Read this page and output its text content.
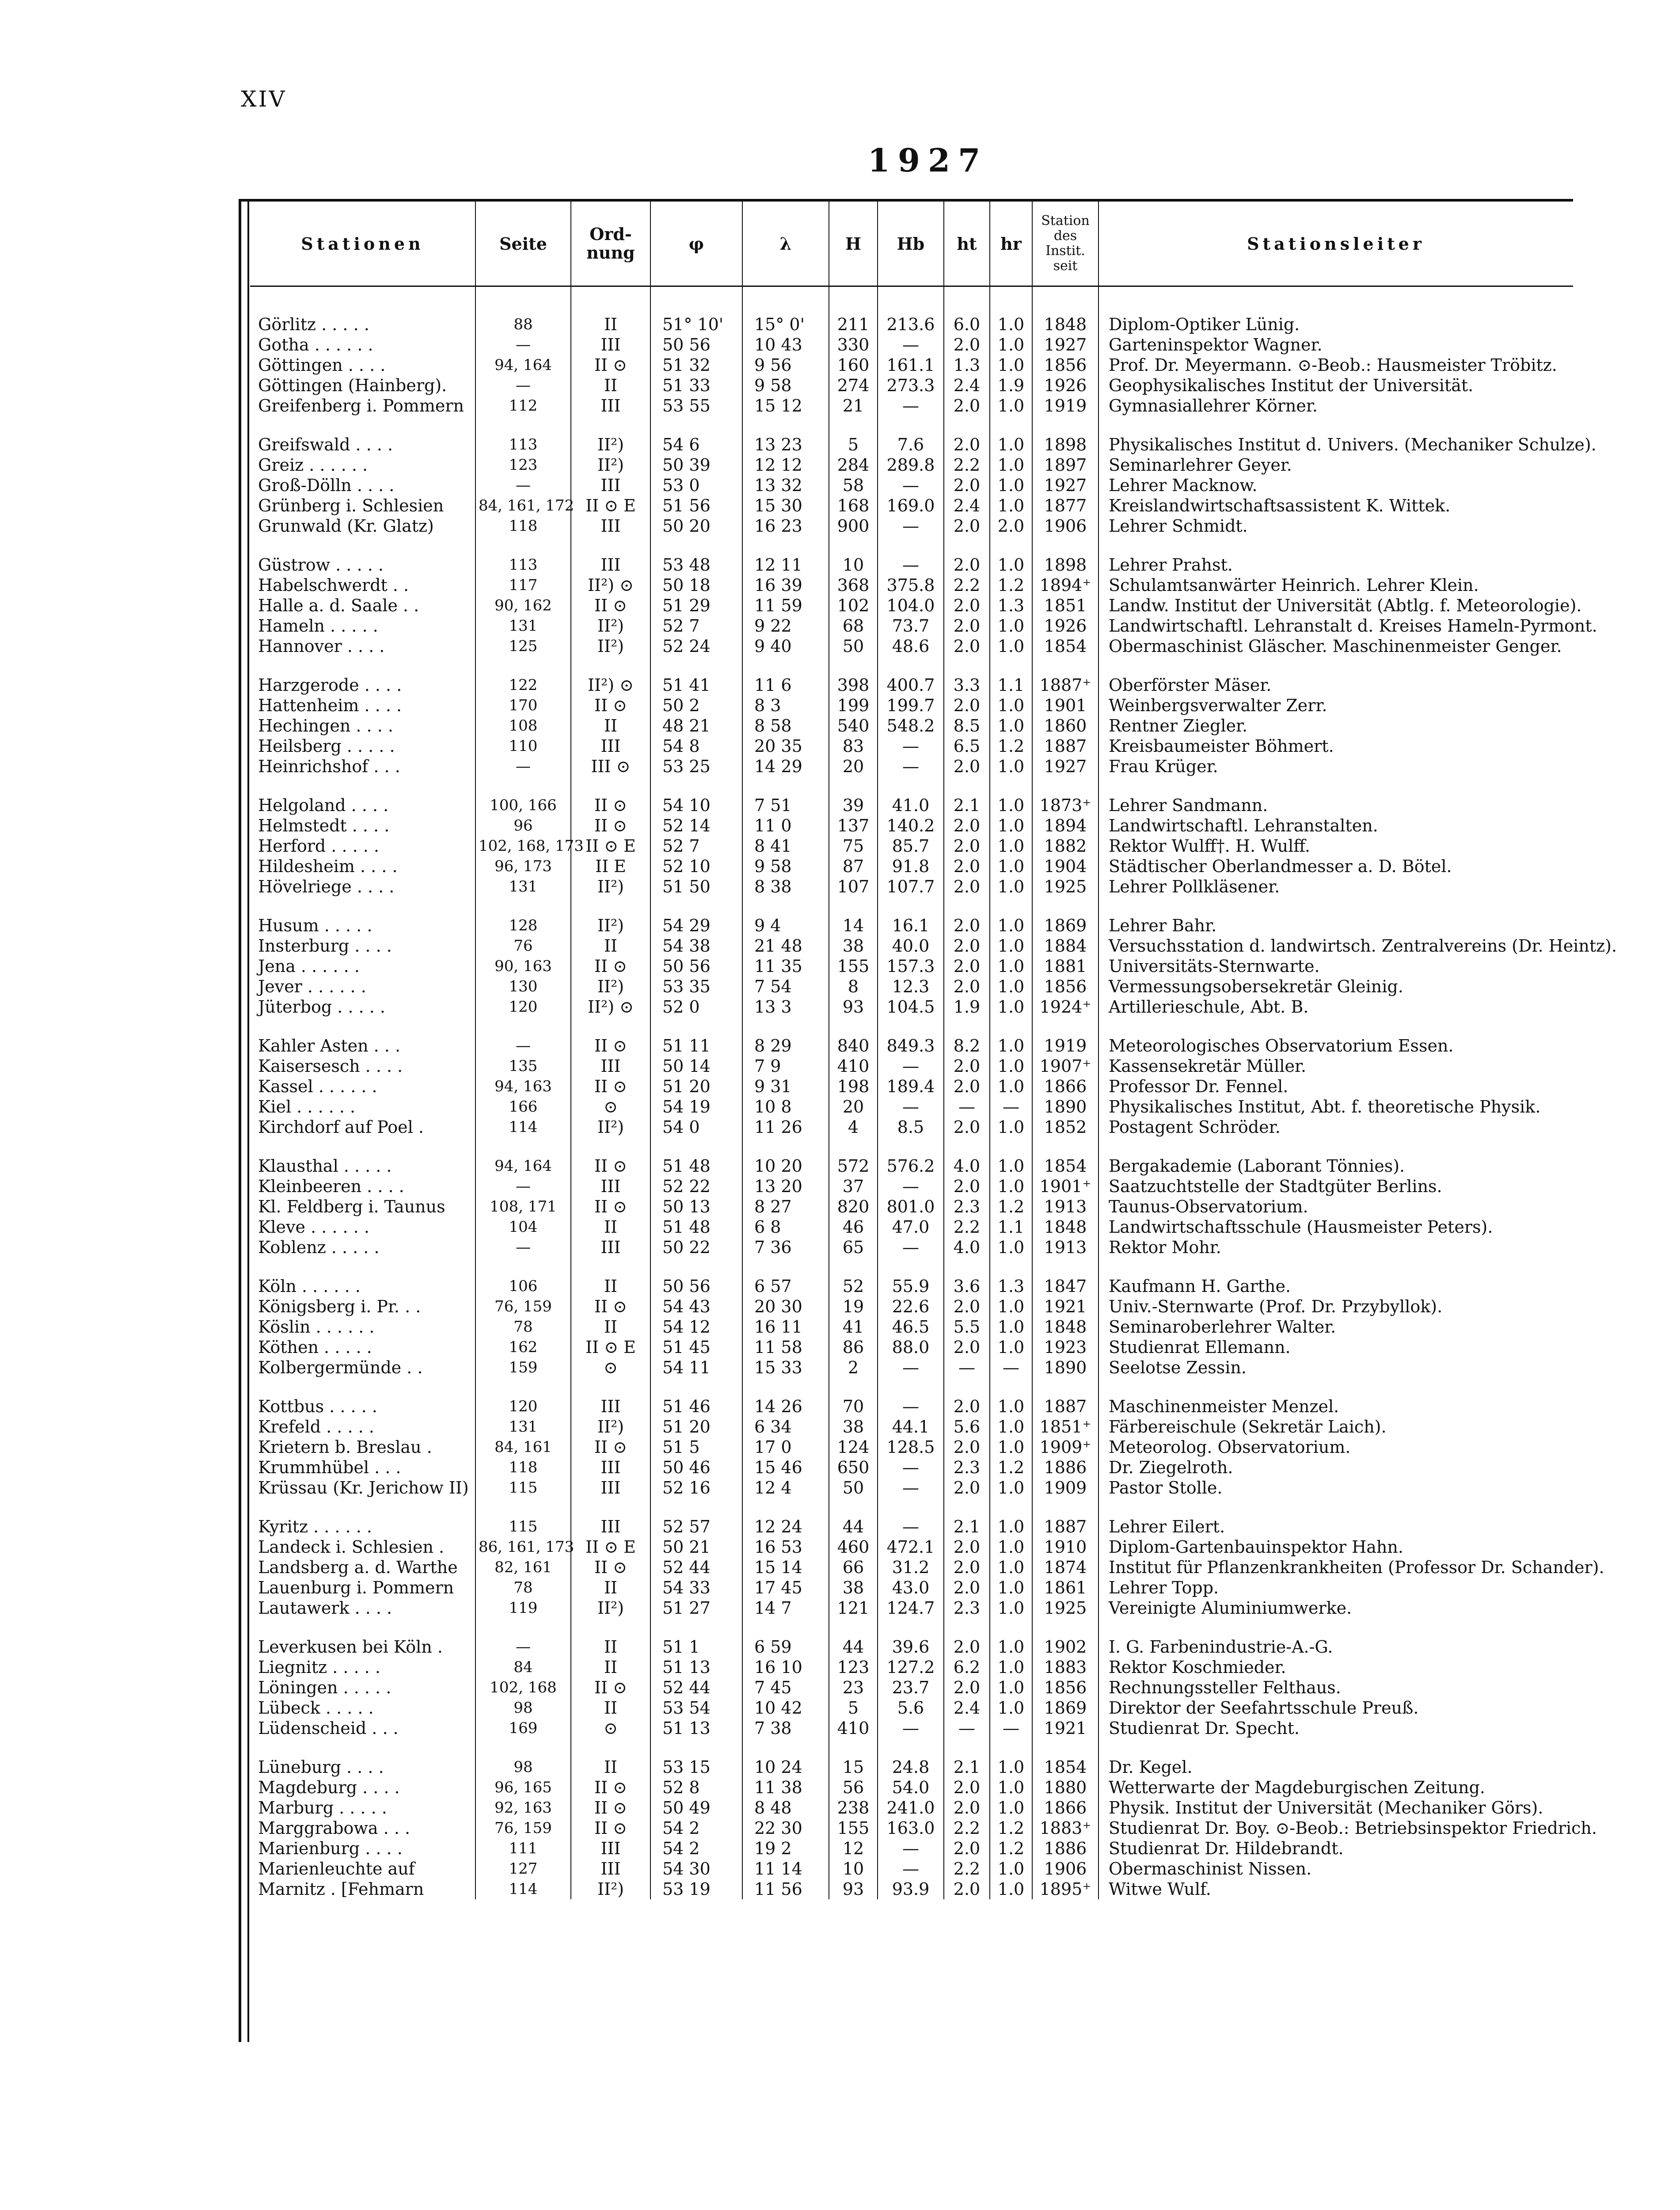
XIV
1927
Stationen	Seite	Ord-nung	φ	λ	H	Hb	ht	hr	Station des Instit. seit	Stationsleiter

Görlitz . . . . .	88	II	51° 10'	15° 0'	211	213.6	6.0	1.0	1848	Diplom-Optiker Lünig.
Gotha . . . . . .	—	III	50 56	10 43	330	—	2.0	1.0	1927	Garteninspektor Wagner.
Göttingen . . . .	94, 164	II ⊙	51 32	9 56	160	161.1	1.3	1.0	1856	Prof. Dr. Meyermann. ⊙-Beob.: Hausmeister Tröbitz.
Göttingen (Hainberg).	—	II	51 33	9 58	274	273.3	2.4	1.9	1926	Geophysikalisches Institut der Universität.
Greifenberg i. Pommern	112	III	53 55	15 12	21	—	2.0	1.0	1919	Gymnasiallehrer Körner.

Greifswald . . . .	113	II²)	54 6	13 23	5	7.6	2.0	1.0	1898	Physikalisches Institut d. Univers. (Mechaniker Schulze).
Greiz . . . . . .	123	II²)	50 39	12 12	284	289.8	2.2	1.0	1897	Seminarlehrer Geyer.
Groß-Dölln . . . .	—	III	53 0	13 32	58	—	2.0	1.0	1927	Lehrer Macknow.
Grünberg i. Schlesien	84, 161, 172	II ⊙ E	51 56	15 30	168	169.0	2.4	1.0	1877	Kreislandwirtschaftsassistent K. Wittek.
Grunwald (Kr. Glatz)	118	III	50 20	16 23	900	—	2.0	2.0	1906	Lehrer Schmidt.

Güstrow . . . . .	113	III	53 48	12 11	10	—	2.0	1.0	1898	Lehrer Prahst.
Habelschwerdt . .	117	II²) ⊙	50 18	16 39	368	375.8	2.2	1.2	1894⁺	Schulamtsanwärter Heinrich. Lehrer Klein.
Halle a. d. Saale . .	90, 162	II ⊙	51 29	11 59	102	104.0	2.0	1.3	1851	Landw. Institut der Universität (Abtlg. f. Meteorologie).
Hameln . . . . .	131	II²)	52 7	9 22	68	73.7	2.0	1.0	1926	Landwirtschaftl. Lehranstalt d. Kreises Hameln-Pyrmont.
Hannover . . . .	125	II²)	52 24	9 40	50	48.6	2.0	1.0	1854	Obermaschinist Gläscher. Maschinenmeister Genger.

Harzgerode . . . .	122	II²) ⊙	51 41	11 6	398	400.7	3.3	1.1	1887⁺	Oberförster Mäser.
Hattenheim . . . .	170	II ⊙	50 2	8 3	199	199.7	2.0	1.0	1901	Weinbergsverwalter Zerr.
Hechingen . . . .	108	II	48 21	8 58	540	548.2	8.5	1.0	1860	Rentner Ziegler.
Heilsberg . . . . .	110	III	54 8	20 35	83	—	6.5	1.2	1887	Kreisbaumeister Böhmert.
Heinrichshof . . .	—	III ⊙	53 25	14 29	20	—	2.0	1.0	1927	Frau Krüger.

Helgoland . . . .	100, 166	II ⊙	54 10	7 51	39	41.0	2.1	1.0	1873⁺	Lehrer Sandmann.
Helmstedt . . . .	96	II ⊙	52 14	11 0	137	140.2	2.0	1.0	1894	Landwirtschaftl. Lehranstalten.
Herford . . . . .	102, 168, 173	II ⊙ E	52 7	8 41	75	85.7	2.0	1.0	1882	Rektor Wulff†. H. Wulff.
Hildesheim . . . .	96, 173	II E	52 10	9 58	87	91.8	2.0	1.0	1904	Städtischer Oberlandmesser a. D. Bötel.
Hövelriege . . . .	131	II²)	51 50	8 38	107	107.7	2.0	1.0	1925	Lehrer Pollkläsener.

Husum . . . . .	128	II²)	54 29	9 4	14	16.1	2.0	1.0	1869	Lehrer Bahr.
Insterburg . . . .	76	II	54 38	21 48	38	40.0	2.0	1.0	1884	Versuchsstation d. landwirtsch. Zentralvereins (Dr. Heintz).
Jena . . . . . .	90, 163	II ⊙	50 56	11 35	155	157.3	2.0	1.0	1881	Universitäts-Sternwarte.
Jever . . . . . .	130	II²)	53 35	7 54	8	12.3	2.0	1.0	1856	Vermessungsobersekretär Gleinig.
Jüterbog . . . . .	120	II²) ⊙	52 0	13 3	93	104.5	1.9	1.0	1924⁺	Artillerieschule, Abt. B.

Kahler Asten . . .	—	II ⊙	51 11	8 29	840	849.3	8.2	1.0	1919	Meteorologisches Observatorium Essen.
Kaisersesch . . . .	135	III	50 14	7 9	410	—	2.0	1.0	1907⁺	Kassensekretär Müller.
Kassel . . . . . .	94, 163	II ⊙	51 20	9 31	198	189.4	2.0	1.0	1866	Professor Dr. Fennel.
Kiel . . . . . .	166	⊙	54 19	10 8	20	—	—	—	1890	Physikalisches Institut, Abt. f. theoretische Physik.
Kirchdorf auf Poel .	114	II²)	54 0	11 26	4	8.5	2.0	1.0	1852	Postagent Schröder.

Klausthal . . . . .	94, 164	II ⊙	51 48	10 20	572	576.2	4.0	1.0	1854	Bergakademie (Laborant Tönnies).
Kleinbeeren . . . .	—	III	52 22	13 20	37	—	2.0	1.0	1901⁺	Saatzuchtstelle der Stadtgüter Berlins.
Kl. Feldberg i. Taunus	108, 171	II ⊙	50 13	8 27	820	801.0	2.3	1.2	1913	Taunus-Observatorium.
Kleve . . . . . .	104	II	51 48	6 8	46	47.0	2.2	1.1	1848	Landwirtschaftsschule (Hausmeister Peters).
Koblenz . . . . .	—	III	50 22	7 36	65	—	4.0	1.0	1913	Rektor Mohr.

Köln . . . . . .	106	II	50 56	6 57	52	55.9	3.6	1.3	1847	Kaufmann H. Garthe.
Königsberg i. Pr. . .	76, 159	II ⊙	54 43	20 30	19	22.6	2.0	1.0	1921	Univ.-Sternwarte (Prof. Dr. Przybyllok).
Köslin . . . . . .	78	II	54 12	16 11	41	46.5	5.5	1.0	1848	Seminaroberlehrer Walter.
Köthen . . . . .	162	II ⊙ E	51 45	11 58	86	88.0	2.0	1.0	1923	Studienrat Ellemann.
Kolbergermünde . .	159	⊙	54 11	15 33	2	—	—	—	1890	Seelotse Zessin.

Kottbus . . . . .	120	III	51 46	14 26	70	—	2.0	1.0	1887	Maschinenmeister Menzel.
Krefeld . . . . .	131	II²)	51 20	6 34	38	44.1	5.6	1.0	1851⁺	Färbereischule (Sekretär Laich).
Krietern b. Breslau .	84, 161	II ⊙	51 5	17 0	124	128.5	2.0	1.0	1909⁺	Meteorolog. Observatorium.
Krummhübel . . .	118	III	50 46	15 46	650	—	2.3	1.2	1886	Dr. Ziegelroth.
Krüssau (Kr. Jerichow II)	115	III	52 16	12 4	50	—	2.0	1.0	1909	Pastor Stolle.

Kyritz . . . . . .	115	III	52 57	12 24	44	—	2.1	1.0	1887	Lehrer Eilert.
Landeck i. Schlesien .	86, 161, 173	II ⊙ E	50 21	16 53	460	472.1	2.0	1.0	1910	Diplom-Gartenbauinspektor Hahn.
Landsberg a. d. Warthe	82, 161	II ⊙	52 44	15 14	66	31.2	2.0	1.0	1874	Institut für Pflanzenkrankheiten (Professor Dr. Schander).
Lauenburg i. Pommern	78	II	54 33	17 45	38	43.0	2.0	1.0	1861	Lehrer Topp.
Lautawerk . . . .	119	II²)	51 27	14 7	121	124.7	2.3	1.0	1925	Vereinigte Aluminiumwerke.

Leverkusen bei Köln .	—	II	51 1	6 59	44	39.6	2.0	1.0	1902	I. G. Farbenindustrie-A.-G.
Liegnitz . . . . .	84	II	51 13	16 10	123	127.2	6.2	1.0	1883	Rektor Koschmieder.
Löningen . . . . .	102, 168	II ⊙	52 44	7 45	23	23.7	2.0	1.0	1856	Rechnungssteller Felthaus.
Lübeck . . . . .	98	II	53 54	10 42	5	5.6	2.4	1.0	1869	Direktor der Seefahrtsschule Preuß.
Lüdenscheid . . .	169	⊙	51 13	7 38	410	—	—	—	1921	Studienrat Dr. Specht.

Lüneburg . . . .	98	II	53 15	10 24	15	24.8	2.1	1.0	1854	Dr. Kegel.
Magdeburg . . . .	96, 165	II ⊙	52 8	11 38	56	54.0	2.0	1.0	1880	Wetterwarte der Magdeburgischen Zeitung.
Marburg . . . . .	92, 163	II ⊙	50 49	8 48	238	241.0	2.0	1.0	1866	Physik. Institut der Universität (Mechaniker Görs).
Marggrabowa . . .	76, 159	II ⊙	54 2	22 30	155	163.0	2.2	1.2	1883⁺	Studienrat Dr. Boy. ⊙-Beob.: Betriebsinspektor Friedrich.
Marienburg . . . .	111	III	54 2	19 2	12	—	2.0	1.2	1886	Studienrat Dr. Hildebrandt.
Marienleuchte auf	127	III	54 30	11 14	10	—	2.2	1.0	1906	Obermaschinist Nissen.
Marnitz . [Fehmarn	114	II²)	53 19	11 56	93	93.9	2.0	1.0	1895⁺	Witwe Wulf.
